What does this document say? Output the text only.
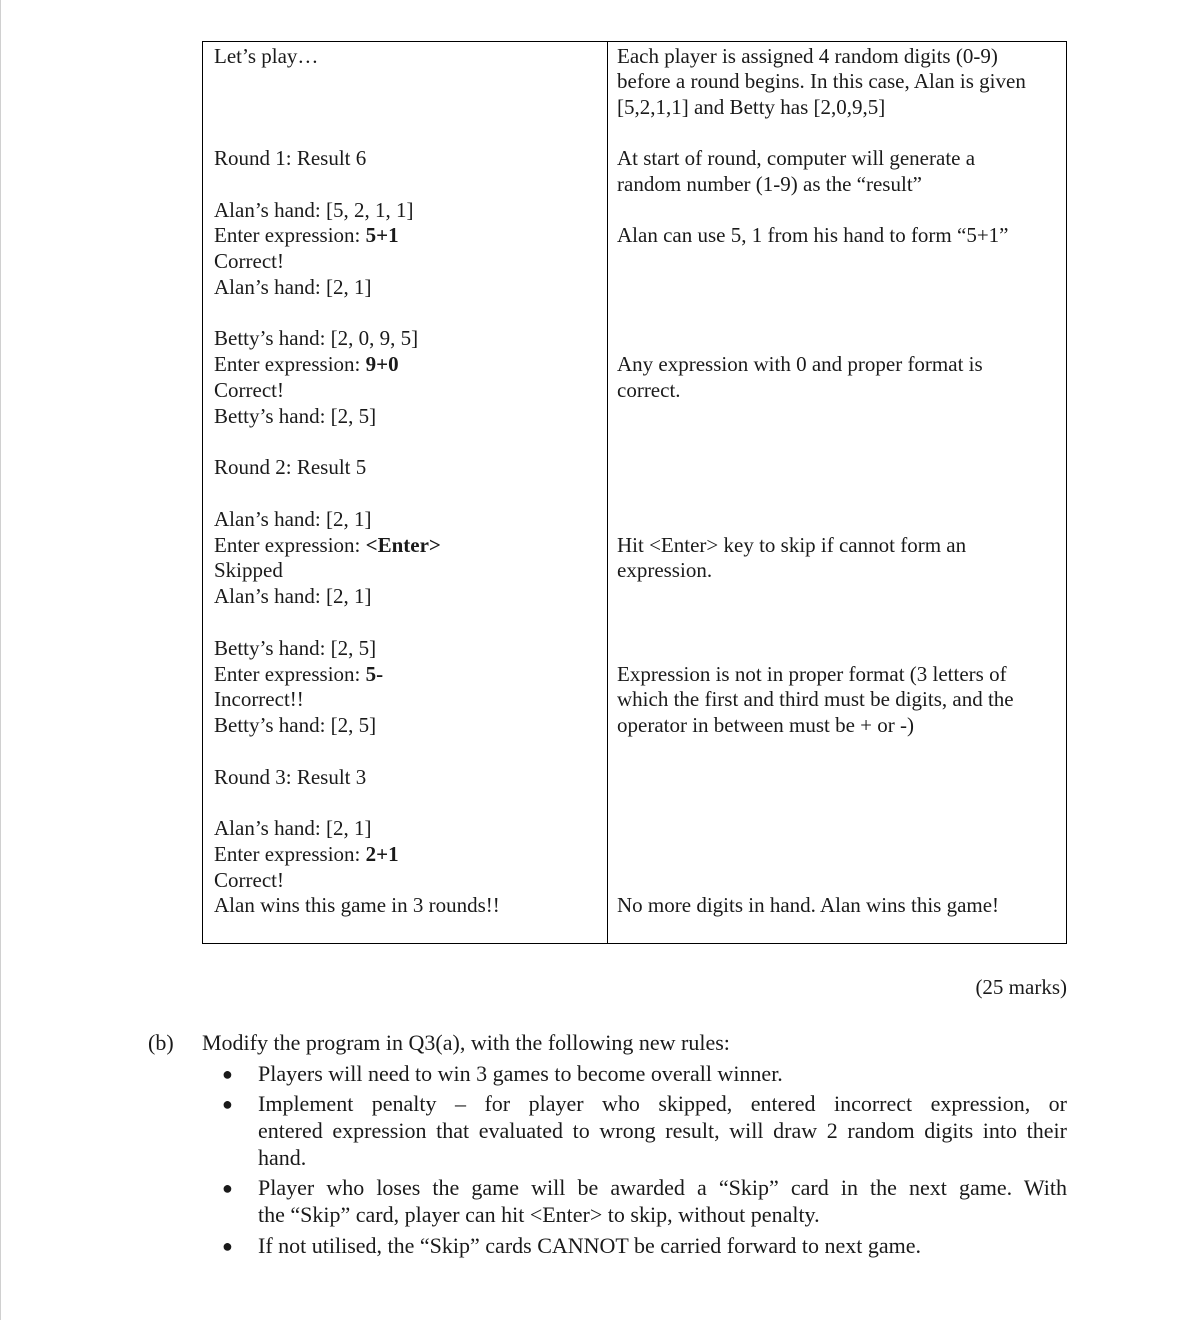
Let’s play…
Round 1: Result 6
Alan’s hand: [5, 2, 1, 1]
Enter expression: 5+1
Correct!
Alan’s hand: [2, 1]
Betty’s hand: [2, 0, 9, 5]
Enter expression: 9+0
Correct!
Betty’s hand: [2, 5]
Round 2: Result 5
Alan’s hand: [2, 1]
Enter expression: <Enter>
Skipped
Alan’s hand: [2, 1]
Betty’s hand: [2, 5]
Enter expression: 5-
Incorrect!!
Betty’s hand: [2, 5]
Round 3: Result 3
Alan’s hand: [2, 1]
Enter expression: 2+1
Correct!
Alan wins this game in 3 rounds!!
Each player is assigned 4 random digits (0-9)
before a round begins. In this case, Alan is given
[5,2,1,1] and Betty has [2,0,9,5]
At start of round, computer will generate a
random number (1-9) as the “result”
Alan can use 5, 1 from his hand to form “5+1”
Any expression with 0 and proper format is
correct.
Hit <Enter> key to skip if cannot form an
expression.
Expression is not in proper format (3 letters of
which the first and third must be digits, and the
operator in between must be + or -)
No more digits in hand. Alan wins this game!
(25 marks)
(b) Modify the program in Q3(a), with the following new rules:
● Players will need to win 3 games to become overall winner.
● Implement penalty – for player who skipped, entered incorrect expression, or
entered expression that evaluated to wrong result, will draw 2 random digits into their
hand.
● Player who loses the game will be awarded a “Skip” card in the next game. With
the “Skip” card, player can hit <Enter> to skip, without penalty.
● If not utilised, the “Skip” cards CANNOT be carried forward to next game.
